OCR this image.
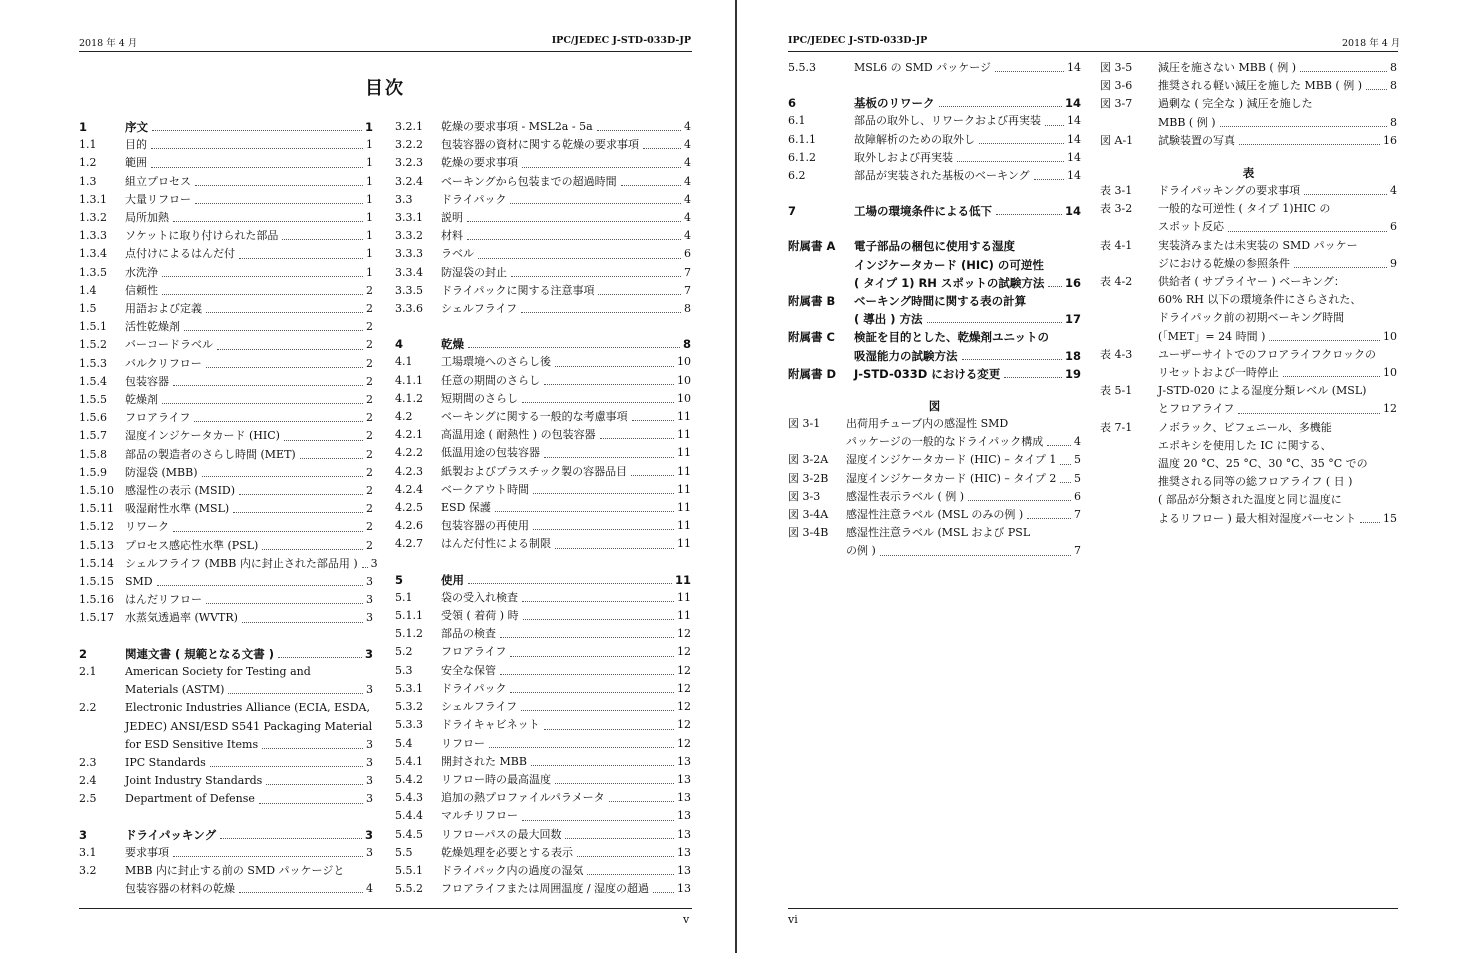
2018 年 4 月	IPC/JEDEC J-STD-033D-JP
目次
1	序文	1
1.1	目的	1
1.2	範囲	1
1.3	組立プロセス	1
1.3.1	大量リフロー	1
1.3.2	局所加熱	1
1.3.3	ソケットに取り付けられた部品	1
1.3.4	点付けによるはんだ付	1
1.3.5	水洗浄	1
1.4	信頼性	2
1.5	用語および定義	2
1.5.1	活性乾燥剤	2
1.5.2	バーコードラベル	2
1.5.3	バルクリフロー	2
1.5.4	包装容器	2
1.5.5	乾燥剤	2
1.5.6	フロアライフ	2
1.5.7	湿度インジケータカード (HIC)	2
1.5.8	部品の製造者のさらし時間 (MET)	2
1.5.9	防湿袋 (MBB)	2
1.5.10	感湿性の表示 (MSID)	2
1.5.11	吸湿耐性水準 (MSL)	2
1.5.12	リワーク	2
1.5.13	プロセス感応性水準 (PSL)	2
1.5.14	シェルフライフ (MBB 内に封止された部品用 ) 3
1.5.15	SMD	3
1.5.16	はんだリフロー	3
1.5.17	水蒸気透過率 (WVTR)	3
2	関連文書 ( 規範となる文書 )	3
2.1	American Society for Testing and
Materials (ASTM)	3
2.2	Electronic Industries Alliance (ECIA, ESDA,
JEDEC) ANSI/ESD S541 Packaging Material
for ESD Sensitive Items	3
2.3	IPC Standards	3
2.4	Joint Industry Standards	3
2.5	Department of Defense	3
3	ドライパッキング	3
3.1	要求事項	3
3.2	MBB 内に封止する前の SMD パッケージと
包装容器の材料の乾燥	4
3.2.1	乾燥の要求事項 - MSL2a - 5a	4
3.2.2	包装容器の資材に関する乾燥の要求事項	4
3.2.3	乾燥の要求事項	4
3.2.4	ベーキングから包装までの超過時間	4
3.3	ドライパック	4
3.3.1	説明	4
3.3.2	材料	4
3.3.3	ラベル	6
3.3.4	防湿袋の封止	7
3.3.5	ドライパックに関する注意事項	7
3.3.6	シェルフライフ	8
4	乾燥	8
4.1	工場環境へのさらし後	10
4.1.1	任意の期間のさらし	10
4.1.2	短期間のさらし	10
4.2	ベーキングに関する一般的な考慮事項	11
4.2.1	高温用途 ( 耐熱性 ) の包装容器	11
4.2.2	低温用途の包装容器	11
4.2.3	紙製およびプラスチック製の容器品目	11
4.2.4	ベークアウト時間	11
4.2.5	ESD 保護	11
4.2.6	包装容器の再使用	11
4.2.7	はんだ付性による制限	11
5	使用	11
5.1	袋の受入れ検査	11
5.1.1	受領 ( 着荷 ) 時	11
5.1.2	部品の検査	12
5.2	フロアライフ	12
5.3	安全な保管	12
5.3.1	ドライパック	12
5.3.2	シェルフライフ	12
5.3.3	ドライキャビネット	12
5.4	リフロー	12
5.4.1	開封された MBB	13
5.4.2	リフロー時の最高温度	13
5.4.3	追加の熱プロファイルパラメータ	13
5.4.4	マルチリフロー	13
5.4.5	リフローパスの最大回数	13
5.5	乾燥処理を必要とする表示	13
5.5.1	ドライパック内の過度の湿気	13
5.5.2	フロアライフまたは周囲温度 / 湿度の超過	13
v
IPC/JEDEC J-STD-033D-JP	2018 年 4 月
5.5.3	MSL6 の SMD パッケージ	14
6	基板のリワーク	14
6.1	部品の取外し、リワークおよび再実装 14
6.1.1	故障解析のための取外し	14
6.1.2	取外しおよび再実装	14
6.2	部品が実装された基板のベーキング	14
7	工場の環境条件による低下	14
附属書 A	電子部品の梱包に使用する湿度
インジケータカード (HIC) の可逆性
( タイプ 1) RH スポットの試験方法 16
附属書 B	ベーキング時間に関する表の計算
( 導出 ) 方法	17
附属書 C	検証を目的とした、乾燥剤ユニットの
吸湿能力の試験方法	18
附属書 D	J-STD-033D における変更	19
図
図 3-1	出荷用チューブ内の感湿性 SMD
パッケージの一般的なドライパック構成	4
図 3-2A	湿度インジケータカード (HIC) – タイプ 1 5
図 3-2B	湿度インジケータカード (HIC) – タイプ 2 5
図 3-3	感湿性表示ラベル ( 例 )	6
図 3-4A	感湿性注意ラベル (MSL のみの例 )	7
図 3-4B	感湿性注意ラベル (MSL および PSL
の例 )	7
図 3-5	減圧を施さない MBB ( 例 )	8
図 3-6	推奨される軽い減圧を施した MBB ( 例 )	8
図 3-7	過剰な ( 完全な ) 減圧を施した
MBB ( 例 )	8
図 A-1	試験装置の写真	16
表
表 3-1	ドライパッキングの要求事項	4
表 3-2	一般的な可逆性 ( タイプ 1)HIC の
スポット反応	6
表 4-1	実装済みまたは未実装の SMD パッケー
ジにおける乾燥の参照条件	9
表 4-2	供給者 ( サプライヤー ) ベーキング：
60% RH 以下の環境条件にさらされた、
ドライパック前の初期ベーキング時間
(「MET」= 24 時間 )	10
表 4-3	ユーザーサイトでのフロアライフクロックの
リセットおよび一時停止	10
表 5-1	J-STD-020 による湿度分類レベル (MSL)
とフロアライフ	12
表 7-1	ノボラック、ビフェニール、多機能
エポキシを使用した IC に関する、
温度 20 °C、25 °C、30 °C、35 °C での
推奨される同等の総フロアライフ ( 日 )
( 部品が分類された温度と同じ温度に
よるリフロー ) 最大相対湿度パーセント 15
vi
